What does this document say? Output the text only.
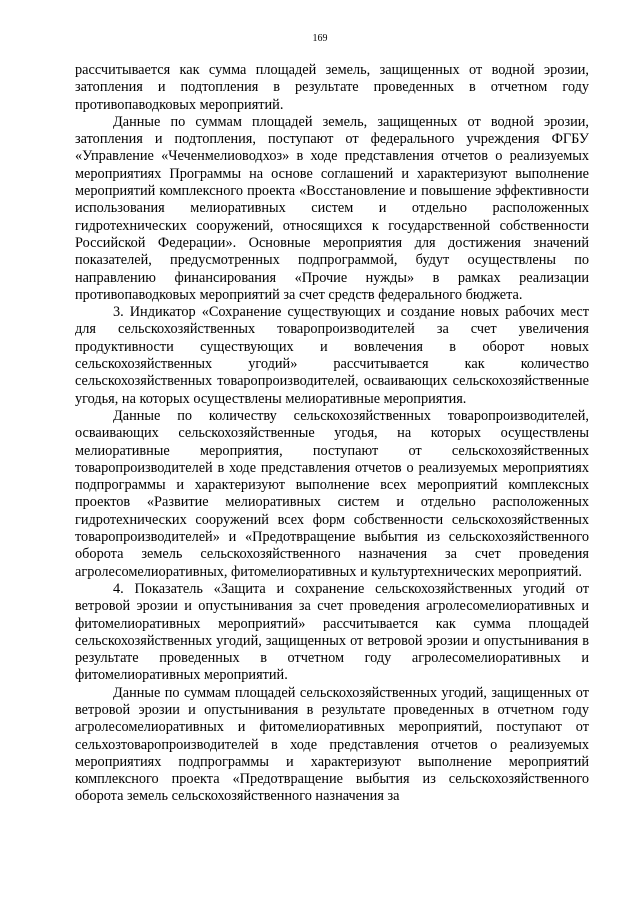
169

рассчитывается как сумма площадей земель, защищенных от водной эрозии, затопления и подтопления в результате проведенных в отчетном году противопаводковых мероприятий.

Данные по суммам площадей земель, защищенных от водной эрозии, затопления и подтопления, поступают от федерального учреждения ФГБУ «Управление «Чеченмелиоводхоз» в ходе представления отчетов о реализуемых мероприятиях Программы на основе соглашений и характеризуют выполнение мероприятий комплексного проекта «Восстановление и повышение эффективности использования мелиоративных систем и отдельно расположенных гидротехнических сооружений, относящихся к государственной собственности Российской Федерации». Основные мероприятия для достижения значений показателей, предусмотренных подпрограммой, будут осуществлены по направлению финансирования «Прочие нужды» в рамках реализации противопаводковых мероприятий за счет средств федерального бюджета.

3. Индикатор «Сохранение существующих и создание новых рабочих мест для сельскохозяйственных товаропроизводителей за счет увеличения продуктивности существующих и вовлечения в оборот новых сельскохозяйственных угодий» рассчитывается как количество сельскохозяйственных товаропроизводителей, осваивающих сельскохозяйственные угодья, на которых осуществлены мелиоративные мероприятия.

Данные по количеству сельскохозяйственных товаропроизводителей, осваивающих сельскохозяйственные угодья, на которых осуществлены мелиоративные мероприятия, поступают от сельскохозяйственных товаропроизводителей в ходе представления отчетов о реализуемых мероприятиях подпрограммы и характеризуют выполнение всех мероприятий комплексных проектов «Развитие мелиоративных систем и отдельно расположенных гидротехнических сооружений всех форм собственности сельскохозяйственных товаропроизводителей» и «Предотвращение выбытия из сельскохозяйственного оборота земель сельскохозяйственного назначения за счет проведения агролесомелиоративных, фитомелиоративных и культуртехнических мероприятий.

4. Показатель «Защита и сохранение сельскохозяйственных угодий от ветровой эрозии и опустынивания за счет проведения агролесомелиоративных и фитомелиоративных мероприятий» рассчитывается как сумма площадей сельскохозяйственных угодий, защищенных от ветровой эрозии и опустынивания в результате проведенных в отчетном году агролесомелиоративных и фитомелиоративных мероприятий.

Данные по суммам площадей сельскохозяйственных угодий, защищенных от ветровой эрозии и опустынивания в результате проведенных в отчетном году агролесомелиоративных и фитомелиоративных мероприятий, поступают от сельхозтоваропроизводителей в ходе представления отчетов о реализуемых мероприятиях подпрограммы и характеризуют выполнение мероприятий комплексного проекта «Предотвращение выбытия из сельскохозяйственного оборота земель сельскохозяйственного назначения за
